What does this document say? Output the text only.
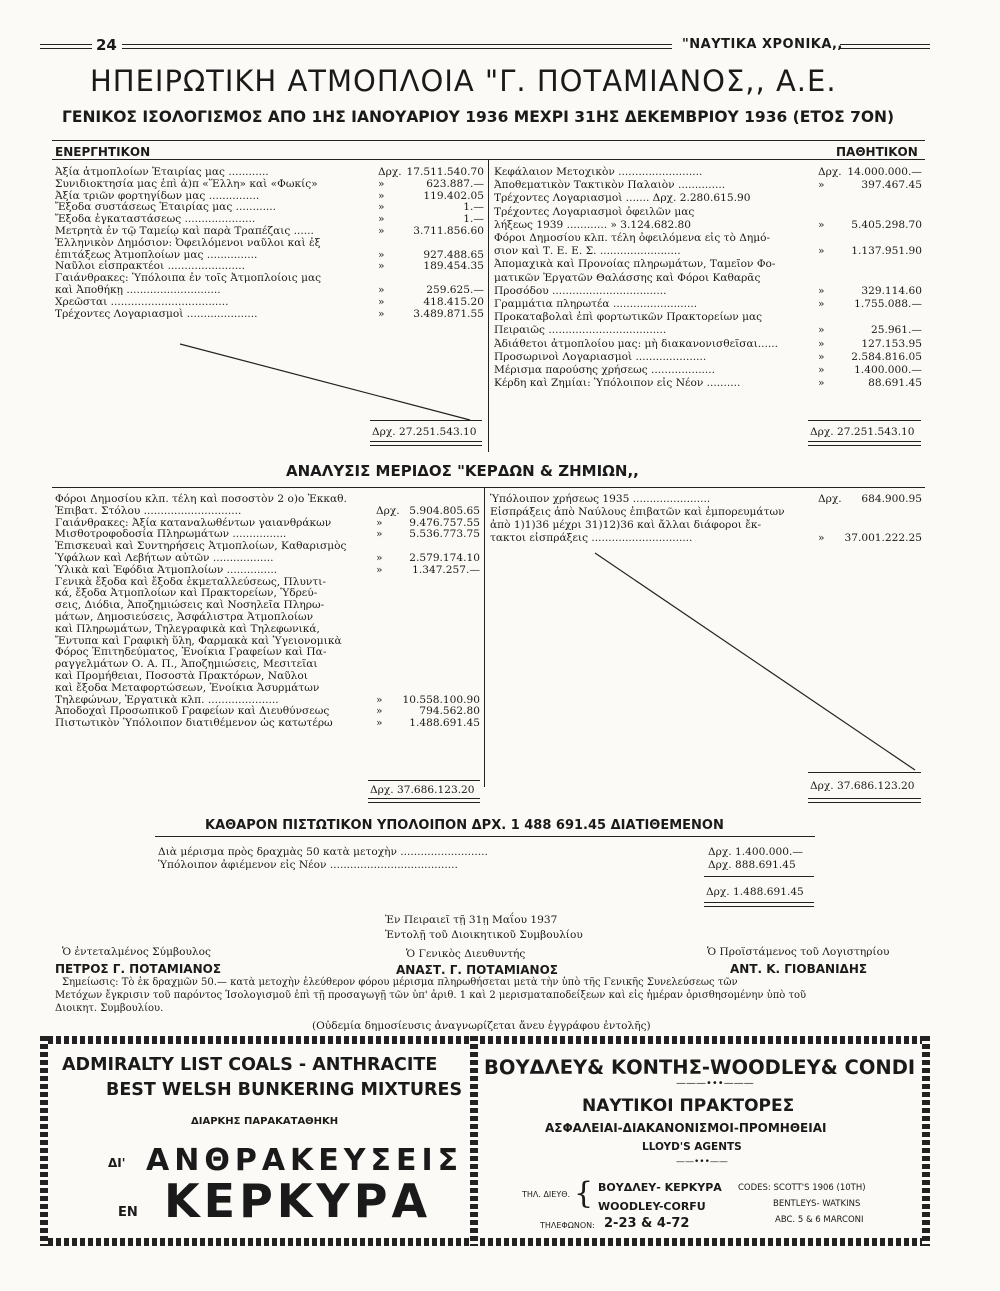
24	"ΝΑΥΤΙΚΑ ΧΡΟΝΙΚΑ,,
ΗΠΕΙΡΩΤΙΚΗ ΑΤΜΟΠΛΟΙΑ "Γ. ΠΟΤΑΜΙΑΝΟΣ,, Α.Ε.
ΓΕΝΙΚΟΣ ΙΣΟΛΟΓΙΣΜΟΣ ΑΠΟ 1ΗΣ ΙΑΝΟΥΑΡΙΟΥ 1936 ΜΕΧΡΙ 31ΗΣ ΔΕΚΕΜΒΡΙΟΥ 1936 (ΕΤΟΣ 7ΟΝ)
ΕΝΕΡΓΗΤΙΚΟΝ	ΠΑΘΗΤΙΚΟΝ
Ἀξία ἀτμοπλοίων Ἑταιρίας μας ............	Δρχ. 17.511.540.70
Συνιδιοκτησία μας ἐπὶ ἀ)π «Ἕλλη» καὶ «Φωκίς»	»	623.887.—
Ἀξία τριῶν φορτηγίδων μας ...............	»	119.402.05
Ἔξοδα συστάσεως Ἑταιρίας μας ............	»	1.—
Ἔξοδα ἐγκαταστάσεως .....................	»	1.—
Μετρητὰ ἐν τῷ Ταμείῳ καὶ παρὰ Τραπέζαις ......	»	3.711.856.60
Ἑλληνικὸν Δημόσιον: Ὀφειλόμενοι ναῦλοι καὶ ἐξ
ἐπιτάξεως Ἀτμοπλοίων μας ...............	»	927.488.65
Ναῦλοι εἰσπρακτέοι .......................	»	189.454.35
Γαιάνθρακες: Ὑπόλοιπα ἐν τοῖς Ἀτμοπλοίοις μας
καὶ Ἀποθήκῃ ............................	»	259.625.—
Χρεῶσται ...................................	»	418.415.20
Τρέχοντες Λογαριασμοὶ .....................	»	3.489.871.55
Κεφάλαιον Μετοχικὸν .........................	Δρχ. 14.000.000.—
Ἀποθεματικὸν Τακτικὸν Παλαιὸν ..............	»	397.467.45
Τρέχοντες Λογαριασμοὶ ....... Δρχ. 2.280.615.90
Τρέχοντες Λογαριασμοὶ ὀφειλῶν μας
λήξεως 1939 ............ » 3.124.682.80	»	5.405.298.70
Φόροι Δημοσίου κλπ. τέλη ὀφειλόμενα εἰς τὸ Δημό-
σιον καὶ Τ. Ε. Ε. Σ. ........................	»	1.137.951.90
Ἀπομαχικὰ καὶ Προνοίας πληρωμάτων, Ταμεῖον Φο-
ματικῶν Ἐργατῶν Θαλάσσης καὶ Φόροι Καθαρᾶς
Προσόδου ..................................	»	329.114.60
Γραμμάτια πληρωτέα .........................	»	1.755.088.—
Προκαταβολαὶ ἐπὶ φορτωτικῶν Πρακτορείων μας
Πειραιῶς ...................................	»	25.961.—
Ἀδιάθετοι ἀτμοπλοίου μας: μὴ διακανονισθεῖσαι......	»	127.153.95
Προσωρινοὶ Λογαριασμοὶ .....................	»	2.584.816.05
Μέρισμα παρούσης χρήσεως ...................	»	1.400.000.—
Κέρδη καὶ Ζημίαι: Ὑπόλοιπον εἰς Νέον ..........	»	88.691.45
Δρχ. 27.251.543.10	Δρχ. 27.251.543.10
ΑΝΑΛΥΣΙΣ ΜΕΡΙΔΟΣ "ΚΕΡΔΩΝ & ΖΗΜΙΩΝ,,
Φόροι Δημοσίου κλπ. τέλη καὶ ποσοστὸν 2 ο)ο Ἐκκαθ.
Ἐπιβατ. Στόλου .............................	Δρχ. 5.904.805.65
Γαιάνθρακες: Ἀξία καταναλωθέντων γαιανθράκων	»	9.476.757.55
Μισθοτροφοδοσία Πληρωμάτων ................	»	5.536.773.75
Ἐπισκευαὶ καὶ Συντηρήσεις Ἀτμοπλοίων, Καθαρισμὸς
Ὑφάλων καὶ Λεβήτων αὐτῶν ..................	»	2.579.174.10
Ὑλικὰ καὶ Ἐφόδια Ἀτμοπλοίων ...............	»	1.347.257.—
Γενικὰ ἔξοδα καὶ ἔξοδα ἐκμεταλλεύσεως, Πλυντι-
κά, ἔξοδα Ἀτμοπλοίων καὶ Πρακτορείων, Ὑδρεύ-
σεις, Διόδια, Ἀποζημιώσεις καὶ Νοσηλεῖα Πληρω-
μάτων, Δημοσιεύσεις, Ἀσφάλιστρα Ἀτμοπλοίων
καὶ Πληρωμάτων, Τηλεγραφικὰ καὶ Τηλεφωνικά,
Ἔντυπα καὶ Γραφικὴ ὕλη, Φαρμακὰ καὶ Ὑγειονομικὰ
Φόρος Ἐπιτηδεύματος, Ἐνοίκια Γραφείων καὶ Πα-
ραγγελμάτων Ο. Α. Π., Ἀποζημιώσεις, Μεσιτεῖαι
καὶ Προμήθειαι, Ποσοστὰ Πρακτόρων, Ναῦλοι
καὶ ἔξοδα Μεταφορτώσεων, Ἐνοίκια Ἀσυρμάτων
Τηλεφώνων, Ἐργατικὰ κλπ. .....................	»	10.558.100.90
Ἀποδοχαὶ Προσωπικοῦ Γραφείων καὶ Διευθύνσεως	»	794.562.80
Πιστωτικὸν Ὑπόλοιπον διατιθέμενον ὡς κατωτέρω	»	1.488.691.45
Ὑπόλοιπον χρήσεως 1935 .......................	Δρχ.	684.900.95
Εἰσπράξεις ἀπὸ Ναύλους ἐπιβατῶν καὶ ἐμπορευμάτων
ἀπὸ 1)1)36 μέχρι 31)12)36 καὶ ἄλλαι διάφοροι ἔκ-
τακτοι εἰσπράξεις ..............................	»	37.001.222.25
Δρχ. 37.686.123.20	Δρχ. 37.686.123.20
ΚΑΘΑΡΟΝ ΠΙΣΤΩΤΙΚΟΝ ΥΠΟΛΟΙΠΟΝ ΔΡΧ. 1 488 691.45 ΔΙΑΤΙΘΕΜΕΝΟΝ
Διὰ μέρισμα πρὸς δραχμὰς 50 κατὰ μετοχὴν ..........................	Δρχ. 1.400.000.—
Ὑπόλοιπον ἀφιέμενον εἰς Νέον ......................................	Δρχ. 888.691.45
Δρχ. 1.488.691.45
Ἐν Πειραιεῖ τῇ 31ῃ Μαΐου 1937
Ἐντολῇ τοῦ Διοικητικοῦ Συμβουλίου
Ὁ ἐντεταλμένος Σύμβουλος	Ὁ Γενικὸς Διευθυντής	Ὁ Προϊστάμενος τοῦ Λογιστηρίου
ΠΕΤΡΟΣ Γ. ΠΟΤΑΜΙΑΝΟΣ	ΑΝΑΣΤ. Γ. ΠΟΤΑΜΙΑΝΟΣ	ΑΝΤ. Κ. ΓΙΟΒΑΝΙΔΗΣ
Σημείωσις: Τὸ ἐκ δραχμῶν 50.— κατὰ μετοχὴν ἐλεύθερον φόρου μέρισμα πληρωθήσεται μετὰ τὴν ὑπὸ τῆς Γενικῆς Συνελεύσεως τῶν
Μετόχων ἔγκρισιν τοῦ παρόντος Ἰσολογισμοῦ ἐπὶ τῇ προσαγωγῇ τῶν ὑπ' ἀριθ. 1 καὶ 2 μερισματαποδείξεων καὶ εἰς ἡμέραν ὁρισθησομένην ὑπὸ τοῦ
Διοικητ. Συμβουλίου.
(Οὐδεμία δημοσίευσις ἀναγνωρίζεται ἄνευ ἐγγράφου ἐντολῆς)
ADMIRALTY LIST COALS - ANTHRACITE
BEST WELSH BUNKERING MIXTURES
ΔΙΑΡΚΗΣ ΠΑΡΑΚΑΤΑΘΗΚΗ
ΔΙ' ΑΝΘΡΑΚΕΥΣΕΙΣ
ΕΝ ΚΕΡΚΥΡΑ
ΒΟΥΔΛΕΥ& ΚΟΝΤΗΣ-WOODLEY& CONDI
———•••———
ΝΑΥΤΙΚΟΙ ΠΡΑΚΤΟΡΕΣ
ΑΣΦΑΛΕΙΑΙ-ΔΙΑΚΑΝΟΝΙΣΜΟΙ-ΠΡΟΜΗΘΕΙΑΙ
LLOYD'S AGENTS
——•••——
ΤΗΛ. ΔΙΕΥΘ. { ΒΟΥΔΛΕΥ- ΚΕΡΚΥΡΑ
WOODLEY-CORFU
CODES: SCOTT'S 1906 (10TH)
BENTLEYS- WATKINS
ABC. 5 & 6 MARCONI
ΤΗΛΕΦΩΝΟΝ: 2-23 & 4-72
